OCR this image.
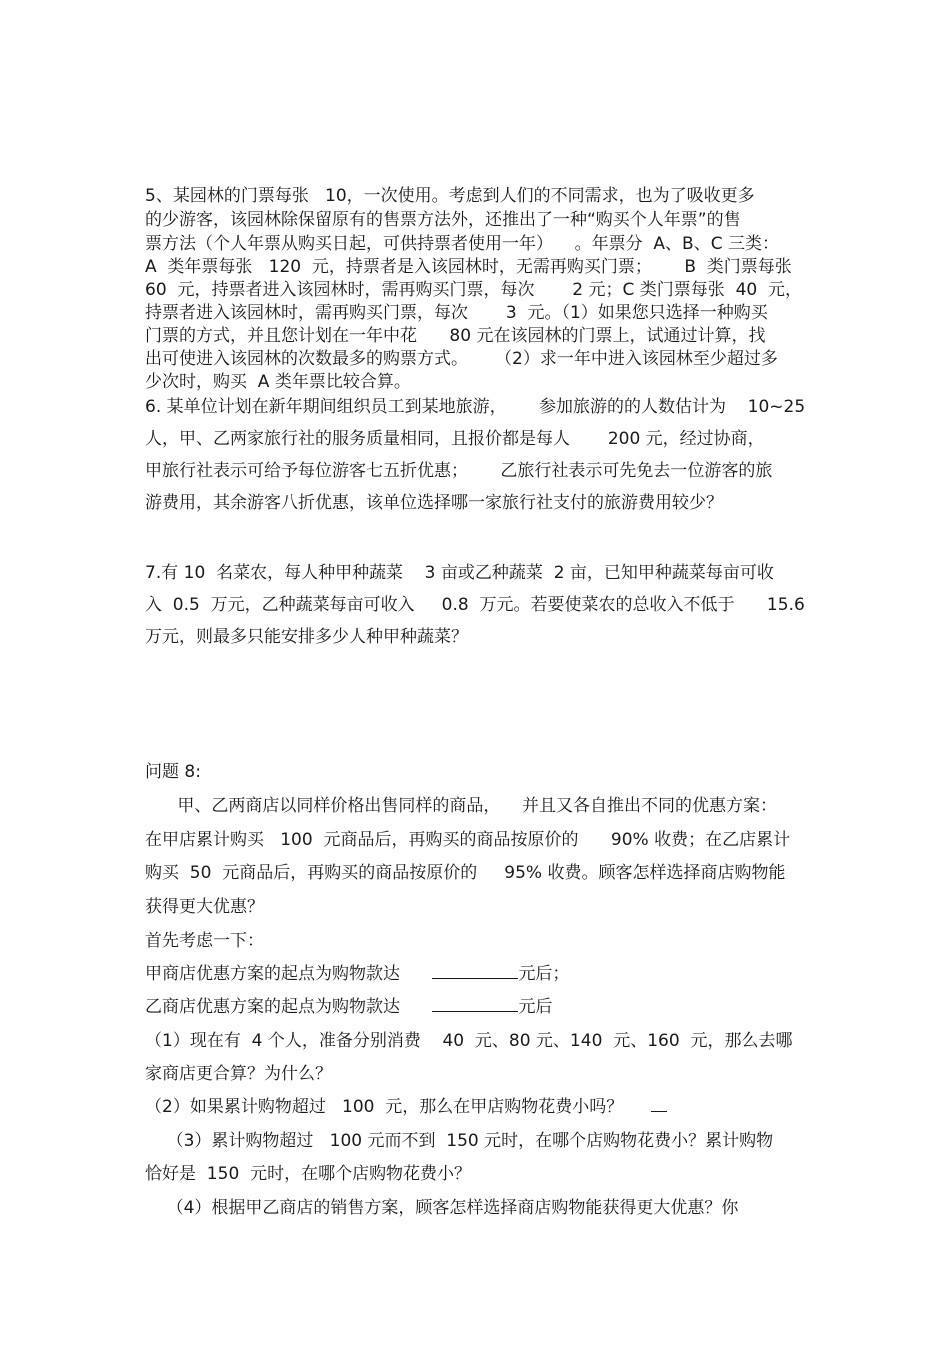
5、某园林的门票每张   10，一次使用。考虑到人们的不同需求，也为了吸收更多
的少游客，该园林除保留原有的售票方法外，还推出了一种“购买个人年票”的售
票方法（个人年票从购买日起，可供持票者使用一年）    。年票分  A、B、C 三类：
A  类年票每张   120  元，持票者是入该园林时，无需再购买门票；      B  类门票每张
60  元，持票者进入该园林时，需再购买门票，每次       2 元；C 类门票每张  40  元，
持票者进入该园林时，需再购买门票，每次       3  元。（1）如果您只选择一种购买
门票的方式，并且您计划在一年中花      80 元在该园林的门票上，试通过计算，找
出可使进入该园林的次数最多的购票方式。     （2）求一年中进入该园林至少超过多
少次时，购买  A 类年票比较合算。
6. 某单位计划在新年期间组织员工到某地旅游，      参加旅游的的人数估计为    10~25
人，甲、乙两家旅行社的服务质量相同，且报价都是每人       200 元，经过协商，
甲旅行社表示可给予每位游客七五折优惠；      乙旅行社表示可先免去一位游客的旅
游费用，其余游客八折优惠，该单位选择哪一家旅行社支付的旅游费用较少？
7.有 10  名菜农，每人种甲种蔬菜    3 亩或乙种蔬菜  2 亩，已知甲种蔬菜每亩可收
入  0.5  万元，乙种蔬菜每亩可收入     0.8  万元。若要使菜农的总收入不低于      15.6
万元，则最多只能安排多少人种甲种蔬菜？
问题 8:
甲、乙两商店以同样价格出售同样的商品，    并且又各自推出不同的优惠方案：
在甲店累计购买   100  元商品后，再购买的商品按原价的      90% 收费；在乙店累计
购买  50  元商品后，再购买的商品按原价的     95% 收费。顾客怎样选择商店购物能
获得更大优惠？
首先考虑一下：
甲商店优惠方案的起点为购物款达	元后；
乙商店优惠方案的起点为购物款达	元后
（1）现在有  4 个人，准备分别消费    40  元、80 元、140  元、160  元，那么去哪
家商店更合算？为什么？
（2）如果累计购物超过   100  元，那么在甲店购物花费小吗？
（3）累计购物超过   100 元而不到  150 元时，在哪个店购物花费小？累计购物
恰好是  150  元时，在哪个店购物花费小？
（4）根据甲乙商店的销售方案，顾客怎样选择商店购物能获得更大优惠？你
